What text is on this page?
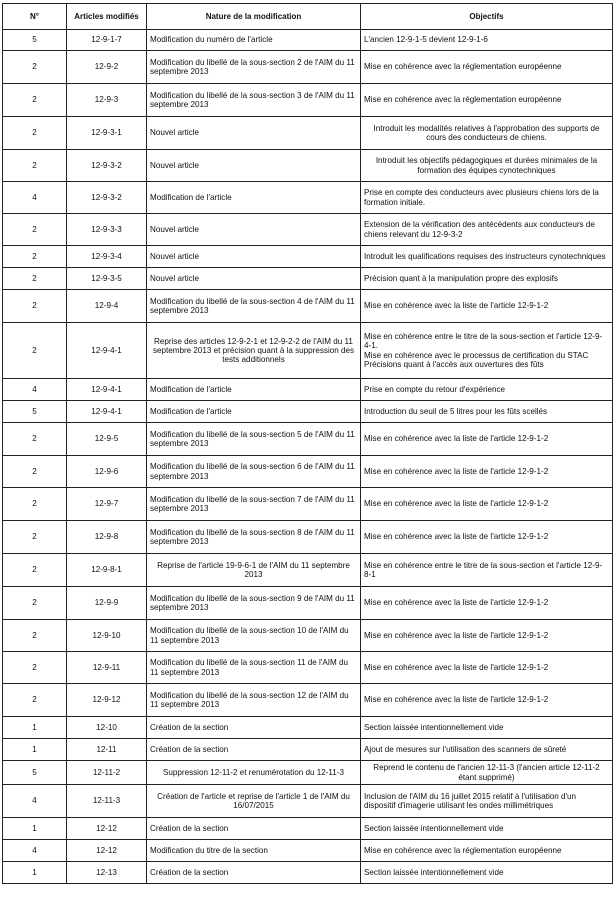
N°	Articles modifiés	Nature de la modification	Objectifs
5	12-9-1-7	Modification du numéro de l'article	L'ancien 12-9-1-5 devient 12-9-1-6
2	12-9-2	Modification du libellé de la sous-section 2 de l'AIM du 11 septembre 2013	Mise en cohérence avec la réglementation européenne
2	12-9-3	Modification du libellé de la sous-section 3 de l'AIM du 11 septembre 2013	Mise en cohérence avec la réglementation européenne
2	12-9-3-1	Nouvel article	Introduit les modalités relatives à l'approbation des supports de cours des conducteurs de chiens.
2	12-9-3-2	Nouvel article	Introduit les objectifs pédagogiques et durées minimales de la formation des équipes cynotechniques
4	12-9-3-2	Modification de l'article	Prise en compte des conducteurs avec plusieurs chiens lors de la formation initiale.
2	12-9-3-3	Nouvel article	Extension de la vérification des antécédents aux conducteurs de chiens relevant du 12-9-3-2
2	12-9-3-4	Nouvel article	Introduit les qualifications requises des instructeurs cynotechniques
2	12-9-3-5	Nouvel article	Précision quant à la manipulation propre des explosifs
2	12-9-4	Modification du libellé de la sous-section 4 de l'AIM du 11 septembre 2013	Mise en cohérence avec la liste de l'article 12-9-1-2
2	12-9-4-1	Reprise des articles 12-9-2-1 et 12-9-2-2 de l'AIM du 11 septembre 2013 et précision quant à la suppression des tests additionnels	Mise en cohérence entre le titre de la sous-section et l'article 12-9-4-1.
Mise en cohérence avec le processus de certification du STAC
Précisions quant à l'accès aux ouvertures des fûts
4	12-9-4-1	Modification de l'article	Prise en compte du retour d'expérience
5	12-9-4-1	Modification de l'article	Introduction du seuil de 5 litres pour les fûts scellés
2	12-9-5	Modification du libellé de la sous-section 5 de l'AIM du 11 septembre 2013	Mise en cohérence avec la liste de l'article 12-9-1-2
2	12-9-6	Modification du libellé de la sous-section 6 de l'AIM du 11 septembre 2013	Mise en cohérence avec la liste de l'article 12-9-1-2
2	12-9-7	Modification du libellé de la sous-section 7 de l'AIM du 11 septembre 2013	Mise en cohérence avec la liste de l'article 12-9-1-2
2	12-9-8	Modification du libellé de la sous-section 8 de l'AIM du 11 septembre 2013	Mise en cohérence avec la liste de l'article 12-9-1-2
2	12-9-8-1	Reprise de l'article 19-9-6-1 de l'AIM du 11 septembre 2013	Mise en cohérence entre le titre de la sous-section et l'article 12-9-8-1
2	12-9-9	Modification du libellé de la sous-section 9 de l'AIM du 11 septembre 2013	Mise en cohérence avec la liste de l'article 12-9-1-2
2	12-9-10	Modification du libellé de la sous-section 10 de l'AIM du 11 septembre 2013	Mise en cohérence avec la liste de l'article 12-9-1-2
2	12-9-11	Modification du libellé de la sous-section 11 de l'AIM du 11 septembre 2013	Mise en cohérence avec la liste de l'article 12-9-1-2
2	12-9-12	Modification du libellé de la sous-section 12 de l'AIM du 11 septembre 2013	Mise en cohérence avec la liste de l'article 12-9-1-2
1	12-10	Création de la section	Section laissée intentionnellement vide
1	12-11	Création de la section	Ajout de mesures sur l'utilisation des scanners de sûreté
5	12-11-2	Suppression 12-11-2 et renumérotation du 12-11-3	Reprend le contenu de l'ancien 12-11-3 (l'ancien article 12-11-2 étant supprimé)
4	12-11-3	Création de l'article et reprise de l'article 1 de l'AIM du 16/07/2015	Inclusion de l'AIM du 16 juillet 2015 relatif à l'utilisation d'un dispositif d'imagerie utilisant les ondes millimétriques
1	12-12	Création de la section	Section laissée intentionnellement vide
4	12-12	Modification du titre de la section	Mise en cohérence avec la réglementation européenne
1	12-13	Création de la section	Section laissée intentionnellement vide
